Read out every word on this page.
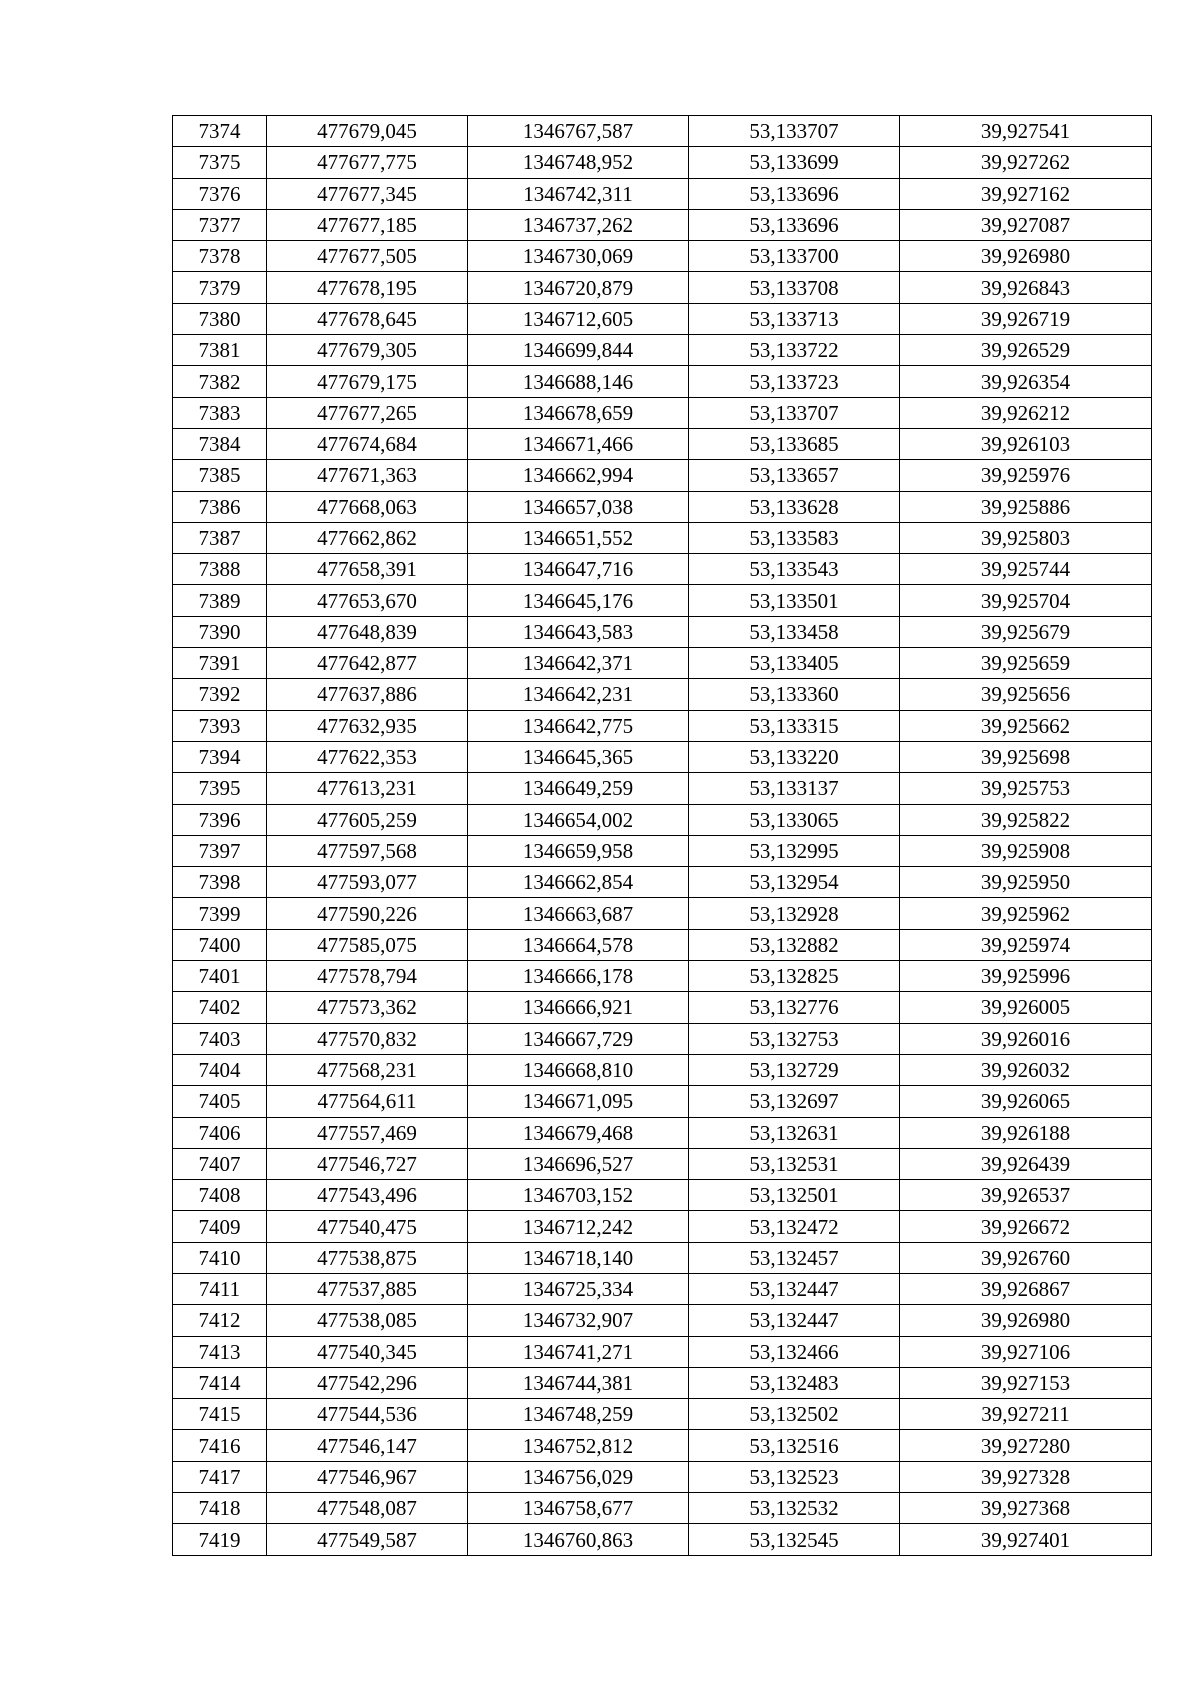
7374	477679,045	1346767,587	53,133707	39,927541
7375	477677,775	1346748,952	53,133699	39,927262
7376	477677,345	1346742,311	53,133696	39,927162
7377	477677,185	1346737,262	53,133696	39,927087
7378	477677,505	1346730,069	53,133700	39,926980
7379	477678,195	1346720,879	53,133708	39,926843
7380	477678,645	1346712,605	53,133713	39,926719
7381	477679,305	1346699,844	53,133722	39,926529
7382	477679,175	1346688,146	53,133723	39,926354
7383	477677,265	1346678,659	53,133707	39,926212
7384	477674,684	1346671,466	53,133685	39,926103
7385	477671,363	1346662,994	53,133657	39,925976
7386	477668,063	1346657,038	53,133628	39,925886
7387	477662,862	1346651,552	53,133583	39,925803
7388	477658,391	1346647,716	53,133543	39,925744
7389	477653,670	1346645,176	53,133501	39,925704
7390	477648,839	1346643,583	53,133458	39,925679
7391	477642,877	1346642,371	53,133405	39,925659
7392	477637,886	1346642,231	53,133360	39,925656
7393	477632,935	1346642,775	53,133315	39,925662
7394	477622,353	1346645,365	53,133220	39,925698
7395	477613,231	1346649,259	53,133137	39,925753
7396	477605,259	1346654,002	53,133065	39,925822
7397	477597,568	1346659,958	53,132995	39,925908
7398	477593,077	1346662,854	53,132954	39,925950
7399	477590,226	1346663,687	53,132928	39,925962
7400	477585,075	1346664,578	53,132882	39,925974
7401	477578,794	1346666,178	53,132825	39,925996
7402	477573,362	1346666,921	53,132776	39,926005
7403	477570,832	1346667,729	53,132753	39,926016
7404	477568,231	1346668,810	53,132729	39,926032
7405	477564,611	1346671,095	53,132697	39,926065
7406	477557,469	1346679,468	53,132631	39,926188
7407	477546,727	1346696,527	53,132531	39,926439
7408	477543,496	1346703,152	53,132501	39,926537
7409	477540,475	1346712,242	53,132472	39,926672
7410	477538,875	1346718,140	53,132457	39,926760
7411	477537,885	1346725,334	53,132447	39,926867
7412	477538,085	1346732,907	53,132447	39,926980
7413	477540,345	1346741,271	53,132466	39,927106
7414	477542,296	1346744,381	53,132483	39,927153
7415	477544,536	1346748,259	53,132502	39,927211
7416	477546,147	1346752,812	53,132516	39,927280
7417	477546,967	1346756,029	53,132523	39,927328
7418	477548,087	1346758,677	53,132532	39,927368
7419	477549,587	1346760,863	53,132545	39,927401
